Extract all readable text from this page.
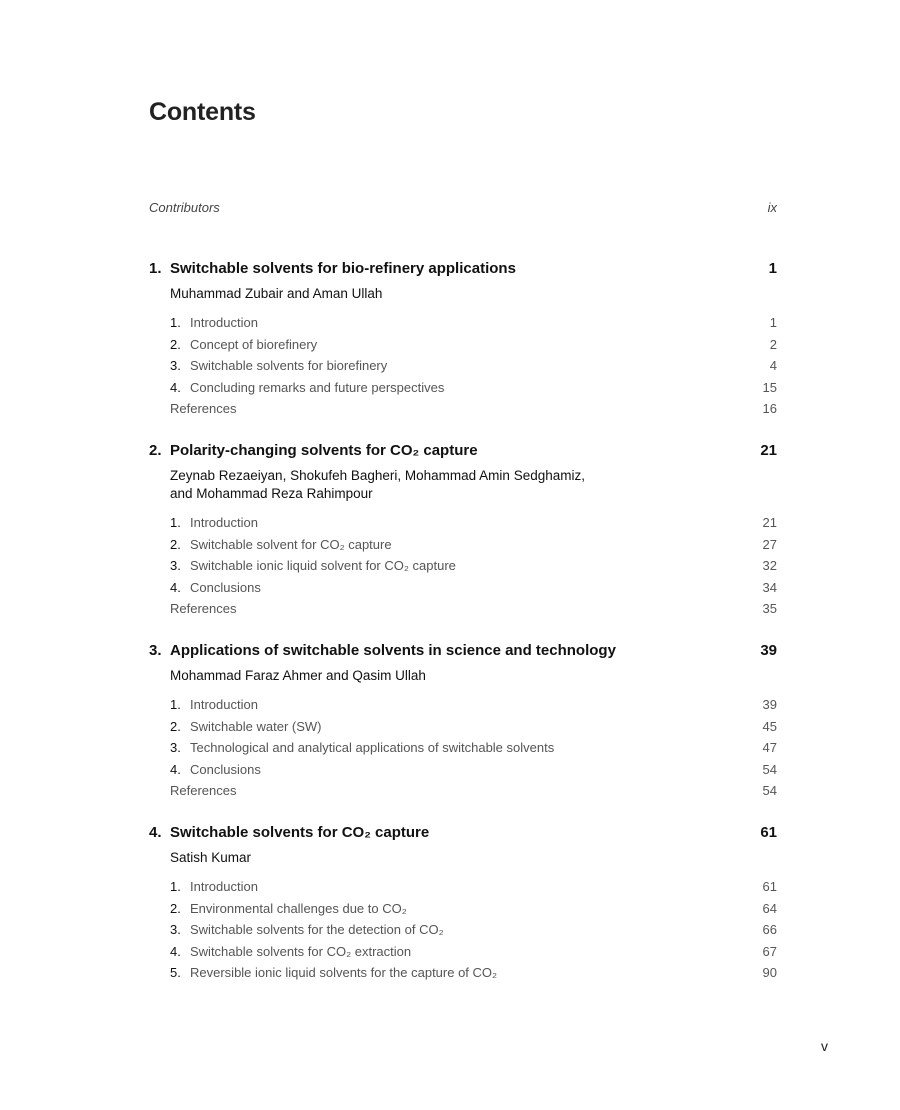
Contents
Contributors	ix
1. Switchable solvents for bio-refinery applications	1
Muhammad Zubair and Aman Ullah
1. Introduction	1
2. Concept of biorefinery	2
3. Switchable solvents for biorefinery	4
4. Concluding remarks and future perspectives	15
References	16
2. Polarity-changing solvents for CO₂ capture	21
Zeynab Rezaeiyan, Shokufeh Bagheri, Mohammad Amin Sedghamiz,
and Mohammad Reza Rahimpour
1. Introduction	21
2. Switchable solvent for CO₂ capture	27
3. Switchable ionic liquid solvent for CO₂ capture	32
4. Conclusions	34
References	35
3. Applications of switchable solvents in science and technology	39
Mohammad Faraz Ahmer and Qasim Ullah
1. Introduction	39
2. Switchable water (SW)	45
3. Technological and analytical applications of switchable solvents	47
4. Conclusions	54
References	54
4. Switchable solvents for CO₂ capture	61
Satish Kumar
1. Introduction	61
2. Environmental challenges due to CO₂	64
3. Switchable solvents for the detection of CO₂	66
4. Switchable solvents for CO₂ extraction	67
5. Reversible ionic liquid solvents for the capture of CO₂	90
v
